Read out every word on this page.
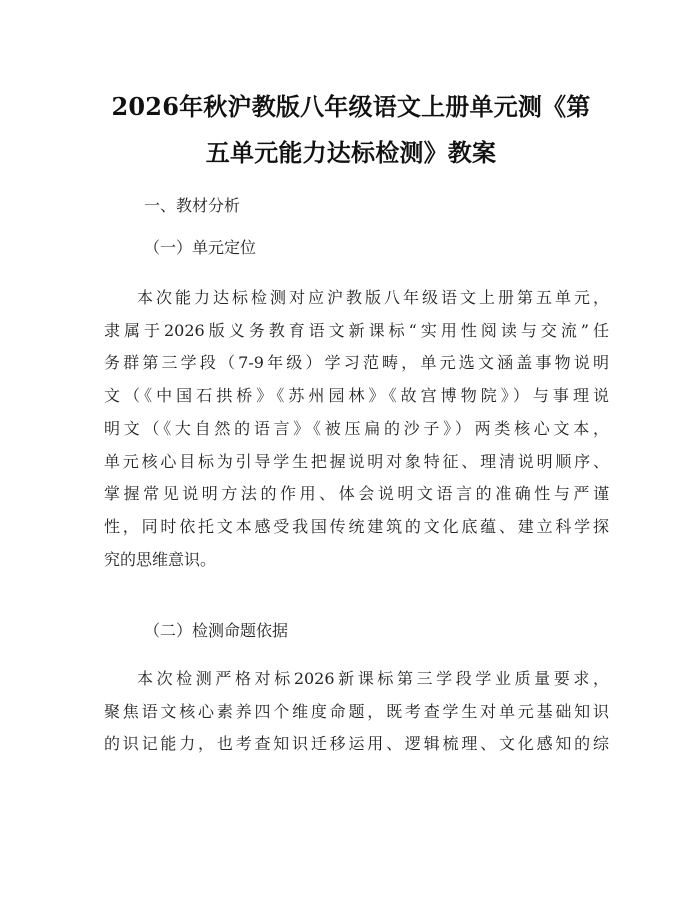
2026年秋沪教版八年级语文上册单元测《第
五单元能力达标检测》教案

一、教材分析

（一）单元定位

本次能力达标检测对应沪教版八年级语文上册第五单元，
隶属于2026版义务教育语文新课标“实用性阅读与交流”任
务群第三学段（7-9年级）学习范畴，单元选文涵盖事物说明
文（《中国石拱桥》《苏州园林》《故宫博物院》）与事理说
明文（《大自然的语言》《被压扁的沙子》）两类核心文本，
单元核心目标为引导学生把握说明对象特征、理清说明顺序、
掌握常见说明方法的作用、体会说明文语言的准确性与严谨
性，同时依托文本感受我国传统建筑的文化底蕴、建立科学探
究的思维意识。

（二）检测命题依据

本次检测严格对标2026新课标第三学段学业质量要求，
聚焦语文核心素养四个维度命题，既考查学生对单元基础知识
的识记能力，也考查知识迁移运用、逻辑梳理、文化感知的综
